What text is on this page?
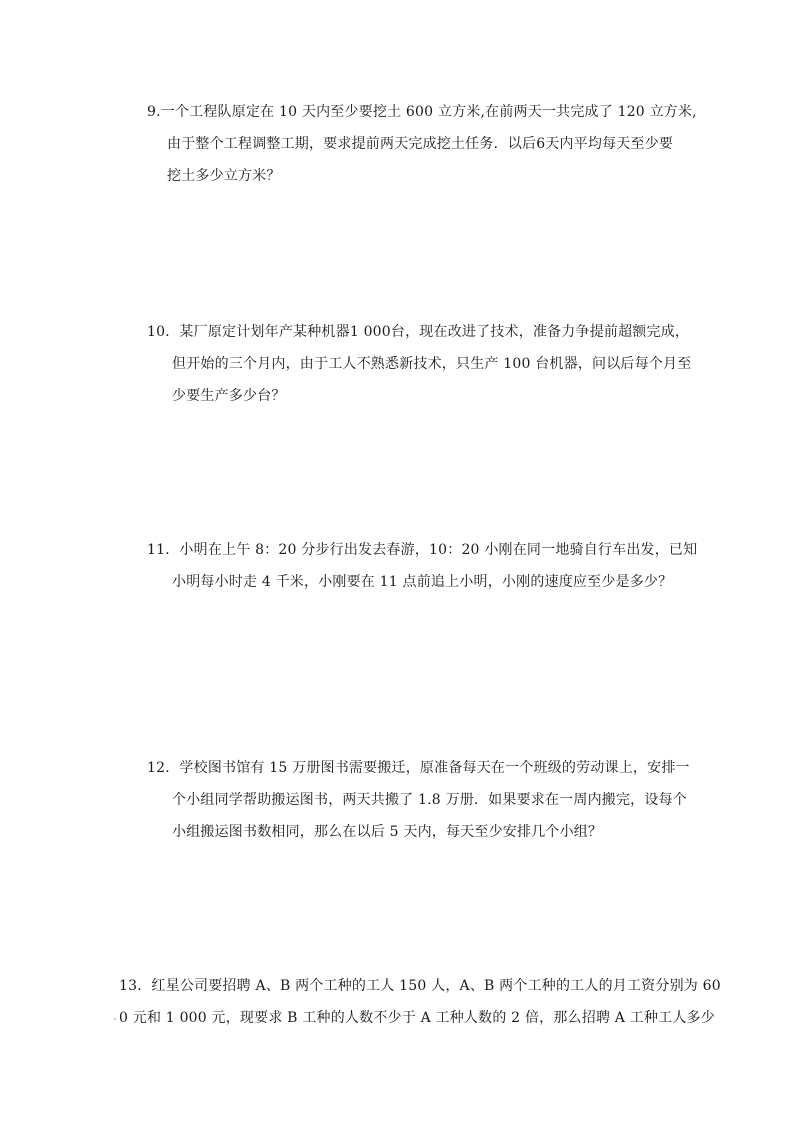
9.一个工程队原定在 10 天内至少要挖土 600 立方米,在前两天一共完成了 120 立方米,
由于整个工程调整工期，要求提前两天完成挖土任务．以后6天内平均每天至少要
挖土多少立方米？
10．某厂原定计划年产某种机器1 000台，现在改进了技术，准备力争提前超额完成，
但开始的三个月内，由于工人不熟悉新技术，只生产 100 台机器，问以后每个月至
少要生产多少台？
11．小明在上午 8：20 分步行出发去春游，10：20 小刚在同一地骑自行车出发，已知
小明每小时走 4 千米，小刚要在 11 点前追上小明，小刚的速度应至少是多少？
12．学校图书馆有 15 万册图书需要搬迁，原准备每天在一个班级的劳动课上，安排一
个小组同学帮助搬运图书，两天共搬了 1.8 万册．如果要求在一周内搬完，设每个
小组搬运图书数相同，那么在以后 5 天内，每天至少安排几个小组？
13．红星公司要招聘 A、B 两个工种的工人 150 人，A、B 两个工种的工人的月工资分别为 60
. 0 元和 1 000 元，现要求 B 工种的人数不少于 A 工种人数的 2 倍，那么招聘 A 工种工人多少
